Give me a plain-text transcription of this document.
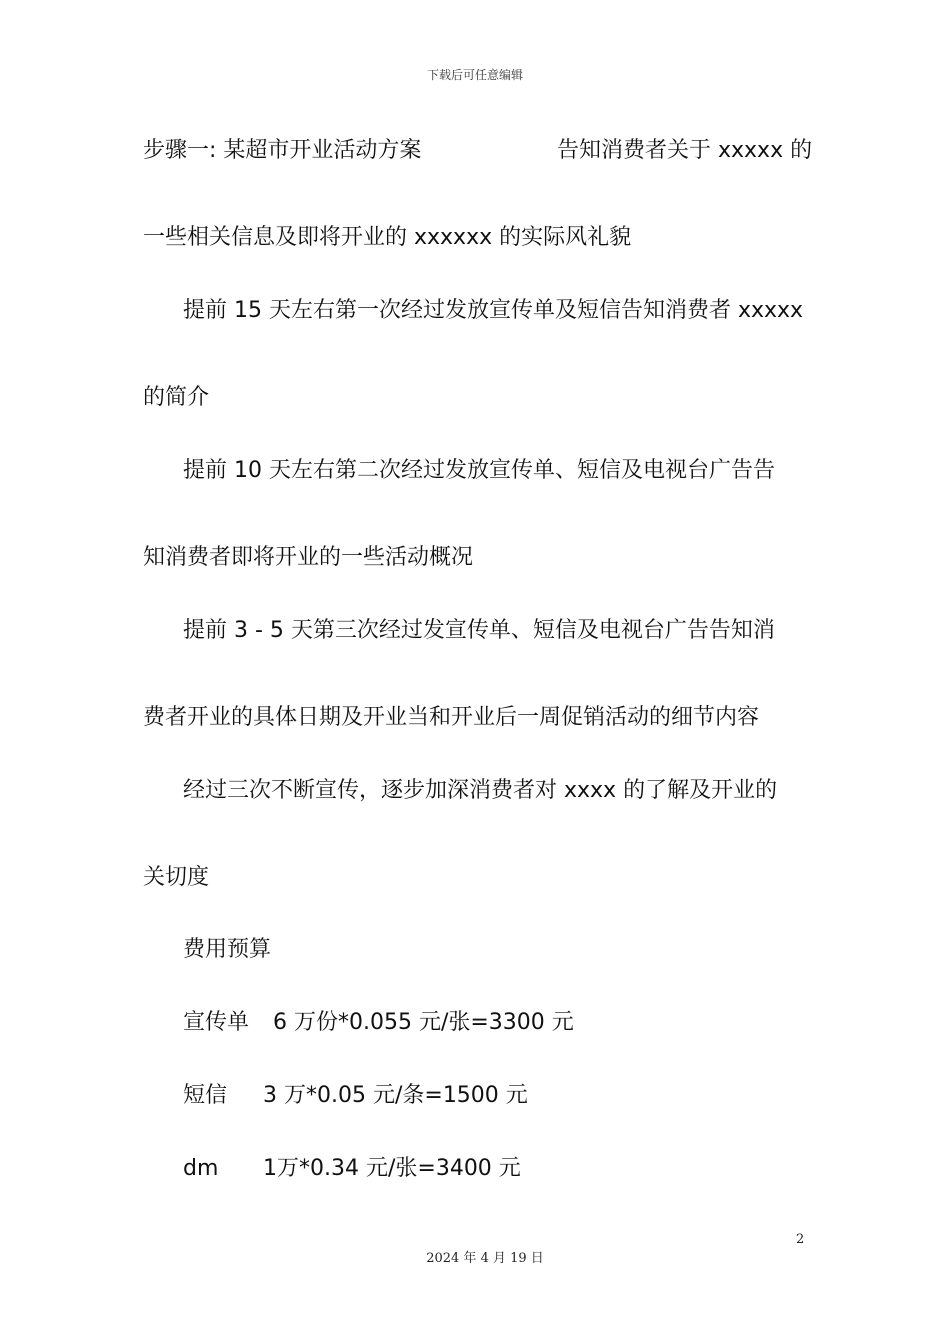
下载后可任意编辑
步骤一: 某超市开业活动方案	告知消费者关于 xxxxx 的
一些相关信息及即将开业的 xxxxxx 的实际风礼貌
提前 15 天左右第一次经过发放宣传单及短信告知消费者 xxxxx
的简介
提前 10 天左右第二次经过发放宣传单、短信及电视台广告告
知消费者即将开业的一些活动概况
提前 3 - 5 天第三次经过发宣传单、短信及电视台广告告知消
费者开业的具体日期及开业当和开业后一周促销活动的细节内容
经过三次不断宣传，逐步加深消费者对 xxxx 的了解及开业的
关切度
费用预算
宣传单 6 万份*0.055 元/张=3300 元
短信 3 万*0.05 元/条=1500 元
dm 1万*0.34 元/张=3400 元
2
2024 年 4 月 19 日
